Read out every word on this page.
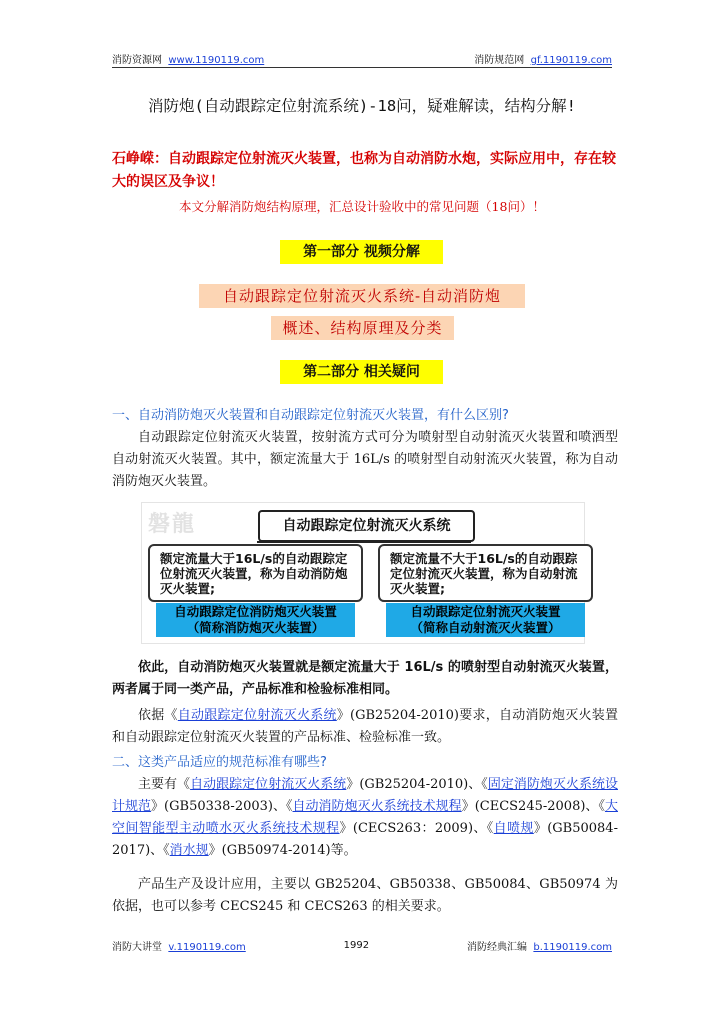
消防资源网 www.1190119.com	消防规范网 gf.1190119.com
消防炮(自动跟踪定位射流系统)-18问，疑难解读，结构分解!
石峥嵘：自动跟踪定位射流灭火装置，也称为自动消防水炮，实际应用中，存在较大的误区及争议！
本文分解消防炮结构原理，汇总设计验收中的常见问题（18问）！
第一部分 视频分解
自动跟踪定位射流灭火系统-自动消防炮
概述、结构原理及分类
第二部分 相关疑问
一、自动消防炮灭火装置和自动跟踪定位射流灭火装置，有什么区别?
自动跟踪定位射流灭火装置，按射流方式可分为喷射型自动射流灭火装置和喷洒型自动射流灭火装置。其中，额定流量大于 16L/s 的喷射型自动射流灭火装置，称为自动消防炮灭火装置。
磐龍	自动跟踪定位射流灭火系统
额定流量大于16L/s的自动跟踪定位射流灭火装置，称为自动消防炮灭火装置;
额定流量不大于16L/s的自动跟踪定位射流灭火装置，称为自动射流灭火装置;
自动跟踪定位消防炮灭火装置
（简称消防炮灭火装置）
自动跟踪定位射流灭火装置
（简称自动射流灭火装置）
依此，自动消防炮灭火装置就是额定流量大于 16L/s 的喷射型自动射流灭火装置，两者属于同一类产品，产品标准和检验标准相同。
依据《自动跟踪定位射流灭火系统》(GB25204-2010)要求，自动消防炮灭火装置和自动跟踪定位射流灭火装置的产品标准、检验标准一致。
二、这类产品适应的规范标准有哪些?
主要有《自动跟踪定位射流灭火系统》(GB25204-2010)、《固定消防炮灭火系统设计规范》(GB50338-2003)、《自动消防炮灭火系统技术规程》(CECS245-2008)、《大空间智能型主动喷水灭火系统技术规程》(CECS263：2009)、《自喷规》(GB50084-2017)、《消水规》(GB50974-2014)等。
产品生产及设计应用，主要以 GB25204、GB50338、GB50084、GB50974 为依据，也可以参考 CECS245 和 CECS263 的相关要求。
消防大讲堂 v.1190119.com	1992	消防经典汇编 b.1190119.com
